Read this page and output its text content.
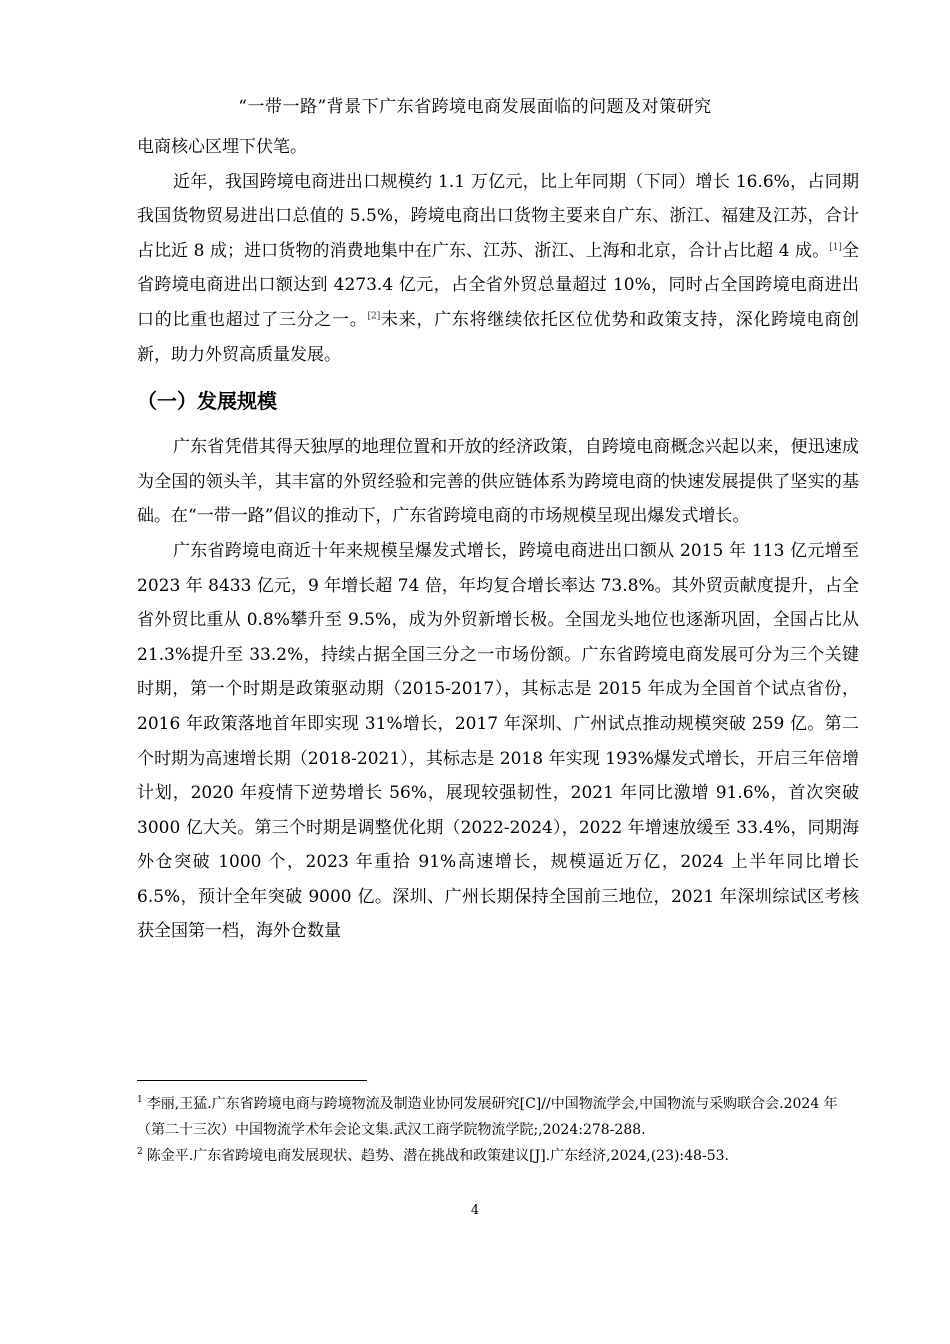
“一带一路”背景下广东省跨境电商发展面临的问题及对策研究

电商核心区埋下伏笔。

近年，我国跨境电商进出口规模约 1.1 万亿元，比上年同期（下同）增长 16.6%，占同期我国货物贸易进出口总值的 5.5%，跨境电商出口货物主要来自广东、浙江、福建及江苏，合计占比近 8 成；进口货物的消费地集中在广东、江苏、浙江、上海和北京，合计占比超 4 成。[1]全省跨境电商进出口额达到 4273.4 亿元，占全省外贸总量超过 10%，同时占全国跨境电商进出口的比重也超过了三分之一。[2]未来，广东将继续依托区位优势和政策支持，深化跨境电商创新，助力外贸高质量发展。

（一）发展规模

广东省凭借其得天独厚的地理位置和开放的经济政策，自跨境电商概念兴起以来，便迅速成为全国的领头羊，其丰富的外贸经验和完善的供应链体系为跨境电商的快速发展提供了坚实的基础。在“一带一路”倡议的推动下，广东省跨境电商的市场规模呈现出爆发式增长。

广东省跨境电商近十年来规模呈爆发式增长，跨境电商进出口额从 2015 年 113 亿元增至 2023 年 8433 亿元，9 年增长超 74 倍，年均复合增长率达 73.8%。其外贸贡献度提升，占全省外贸比重从 0.8%攀升至 9.5%，成为外贸新增长极。全国龙头地位也逐渐巩固，全国占比从 21.3%提升至 33.2%，持续占据全国三分之一市场份额。广东省跨境电商发展可分为三个关键时期，第一个时期是政策驱动期（2015-2017），其标志是 2015 年成为全国首个试点省份，2016 年政策落地首年即实现 31%增长，2017 年深圳、广州试点推动规模突破 259 亿。第二个时期为高速增长期（2018-2021），其标志是 2018 年实现 193%爆发式增长，开启三年倍增计划，2020 年疫情下逆势增长 56%，展现较强韧性，2021 年同比激增 91.6%，首次突破 3000 亿大关。第三个时期是调整优化期（2022-2024），2022 年增速放缓至 33.4%，同期海外仓突破 1000 个，2023 年重拾 91%高速增长，规模逼近万亿，2024 上半年同比增长 6.5%，预计全年突破 9000 亿。深圳、广州长期保持全国前三地位，2021 年深圳综试区考核获全国第一档，海外仓数量

$^1$ 李丽,王猛.广东省跨境电商与跨境物流及制造业协同发展研究[C]//中国物流学会,中国物流与采购联合会.2024 年（第二十三次）中国物流学术年会论文集.武汉工商学院物流学院;,2024:278-288.

$^2$ 陈金平.广东省跨境电商发展现状、趋势、潜在挑战和政策建议[J].广东经济,2024,(23):48-53.

4
